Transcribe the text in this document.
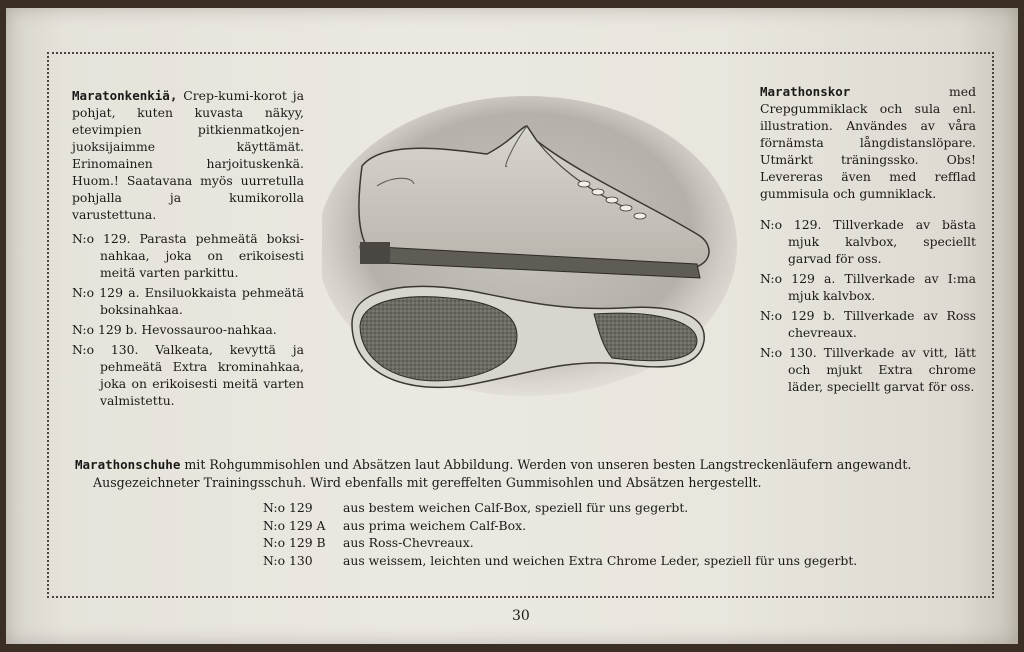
Maratonkenkiä, Crep-kumi-korot ja pohjat, kuten kuvasta näkyy, etevimpien pitkienmatkojen-juoksijaimme käyttämät. Erinomainen harjoituskenkä. Huom.! Saatavana myös uurretulla pohjalla ja kumikorolla varustettuna.
N:o 129. Parasta pehmeätä boksi-nahkaa, joka on erikoisesti meitä varten parkittu.
N:o 129 a. Ensiluokkaista pehmeätä boksinahkaa.
N:o 129 b. Hevossauroo-nahkaa.
N:o 130. Valkeata, kevyttä ja pehmeätä Extra krominahkaa, joka on erikoisesti meitä varten valmistettu.
Marathonskor med Crepgummiklack och sula enl. illustration. Användes av våra förnämsta långdistanslöpare. Utmärkt träningssko. Obs! Levereras även med refflad gummisula och gumniklack.
N:o 129. Tillverkade av bästa mjuk kalvbox, speciellt garvad för oss.
N:o 129 a. Tillverkade av I:ma mjuk kalvbox.
N:o 129 b. Tillverkade av Ross chevreaux.
N:o 130. Tillverkade av vitt, lätt och mjukt Extra chrome läder, speciellt garvat för oss.
Marathonschuhe mit Rohgummisohlen und Absätzen laut Abbildung. Werden von unseren besten Langstreckenläufern angewandt.
Ausgezeichneter Trainingsschuh. Wird ebenfalls mit gereffelten Gummisohlen und Absätzen hergestellt.
N:o 129	aus bestem weichen Calf-Box, speziell für uns gegerbt.
N:o 129 A	aus prima weichem Calf-Box.
N:o 129 B	aus Ross-Chevreaux.
N:o 130	aus weissem, leichten und weichen Extra Chrome Leder, speziell für uns gegerbt.
30
